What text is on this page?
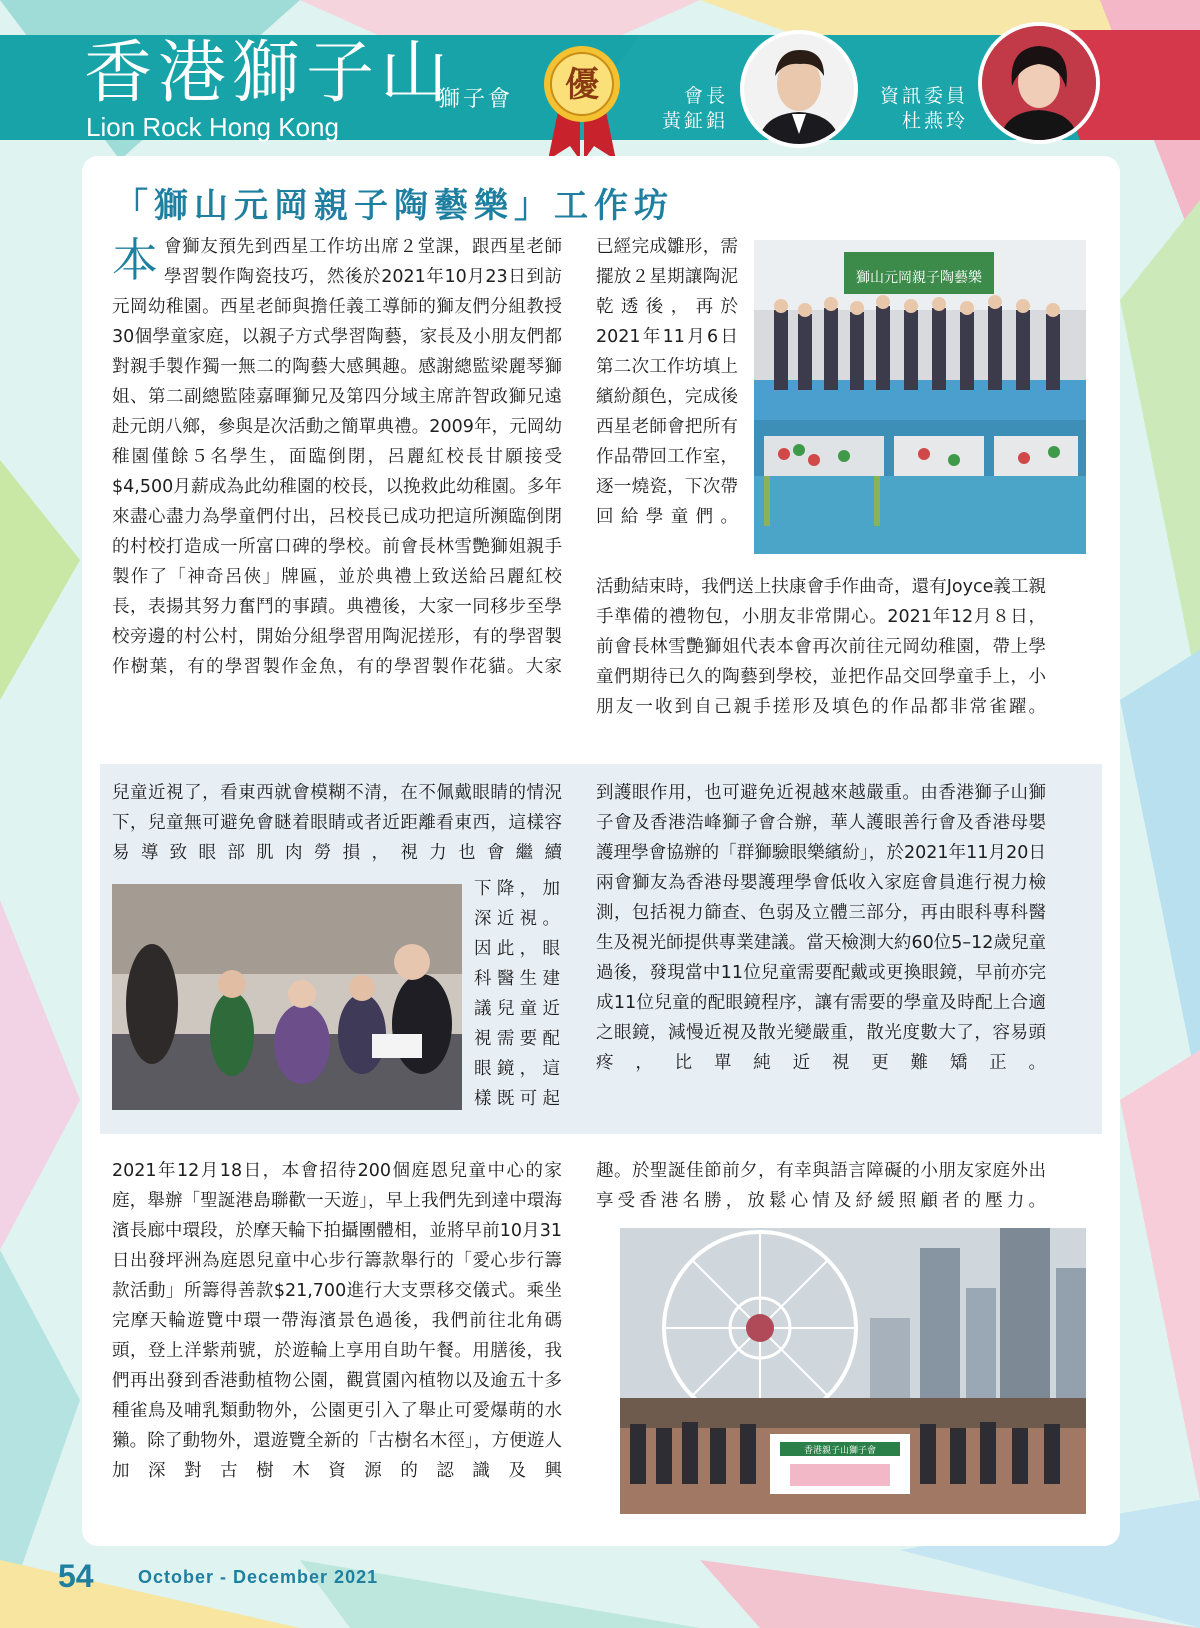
香港獅子山
獅子會
Lion Rock Hong Kong
優	會長
黃鉦鋁
資訊委員
杜燕玲
「獅山元岡親子陶藝樂」工作坊
本會獅友預先到西星工作坊出席２堂課，跟西星老師學習製作陶瓷技巧，然後於2021年10月23日到訪元岡幼稚園。西星老師與擔任義工導師的獅友們分組教授30個學童家庭，以親子方式學習陶藝，家長及小朋友們都對親手製作獨一無二的陶藝大感興趣。感謝總監梁麗琴獅姐、第二副總監陸嘉暉獅兄及第四分域主席許智政獅兄遠赴元朗八鄉，參與是次活動之簡單典禮。2009年，元岡幼稚園僅餘５名學生，面臨倒閉，呂麗紅校長甘願接受$4,500月薪成為此幼稚園的校長，以挽救此幼稚園。多年來盡心盡力為學童們付出，呂校長已成功把這所瀕臨倒閉的村校打造成一所富口碑的學校。前會長林雪艷獅姐親手製作了「神奇呂俠」牌匾，並於典禮上致送給呂麗紅校長，表揚其努力奮鬥的事蹟。典禮後，大家一同移步至學校旁邊的村公村，開始分組學習用陶泥搓形，有的學習製作樹葉，有的學習製作金魚，有的學習製作花貓。大家
已經完成雛形，需擺放２星期讓陶泥乾透後，再於2021年11月6日第二次工作坊填上繽紛顏色，完成後西星老師會把所有作品帶回工作室，逐一燒瓷，下次帶回給學童們。
獅山元岡親子陶藝樂
活動結束時，我們送上扶康會手作曲奇，還有Joyce義工親手準備的禮物包，小朋友非常開心。2021年12月８日，前會長林雪艷獅姐代表本會再次前往元岡幼稚園，帶上學童們期待已久的陶藝到學校，並把作品交回學童手上，小朋友一收到自己親手搓形及填色的作品都非常雀躍。
兒童近視了，看東西就會模糊不清，在不佩戴眼睛的情況下，兒童無可避免會瞇着眼睛或者近距離看東西，這樣容易導致眼部肌肉勞損，視力也會繼續
下降，加深近視。因此，眼科醫生建議兒童近視需要配眼鏡，這樣既可起
到護眼作用，也可避免近視越來越嚴重。由香港獅子山獅子會及香港浩峰獅子會合辦，華人護眼善行會及香港母嬰護理學會協辦的「群獅驗眼樂繽紛」，於2021年11月20日兩會獅友為香港母嬰護理學會低收入家庭會員進行視力檢測，包括視力篩查、色弱及立體三部分，再由眼科專科醫生及視光師提供專業建議。當天檢測大約60位5–12歲兒童過後，發現當中11位兒童需要配戴或更換眼鏡，早前亦完成11位兒童的配眼鏡程序，讓有需要的學童及時配上合適之眼鏡，減慢近視及散光變嚴重，散光度數大了，容易頭疼，比單純近視更難矯正。
2021年12月18日，本會招待200個庭恩兒童中心的家庭，舉辦「聖誕港島聯歡一天遊」，早上我們先到達中環海濱長廊中環段，於摩天輪下拍攝團體相，並將早前10月31日出發坪洲為庭恩兒童中心步行籌款舉行的「愛心步行籌款活動」所籌得善款$21,700進行大支票移交儀式。乘坐完摩天輪遊覽中環一帶海濱景色過後，我們前往北角碼頭，登上洋紫荊號，於遊輪上享用自助午餐。用膳後，我們再出發到香港動植物公園，觀賞園內植物以及逾五十多種雀鳥及哺乳類動物外，公園更引入了舉止可愛爆萌的水獺。除了動物外，還遊覽全新的「古樹名木徑」，方便遊人加深對古樹木資源的認識及興
趣。於聖誕佳節前夕，有幸與語言障礙的小朋友家庭外出享受香港名勝，放鬆心情及紓緩照顧者的壓力。
香港親子山獅子會
54 October - December 2021
